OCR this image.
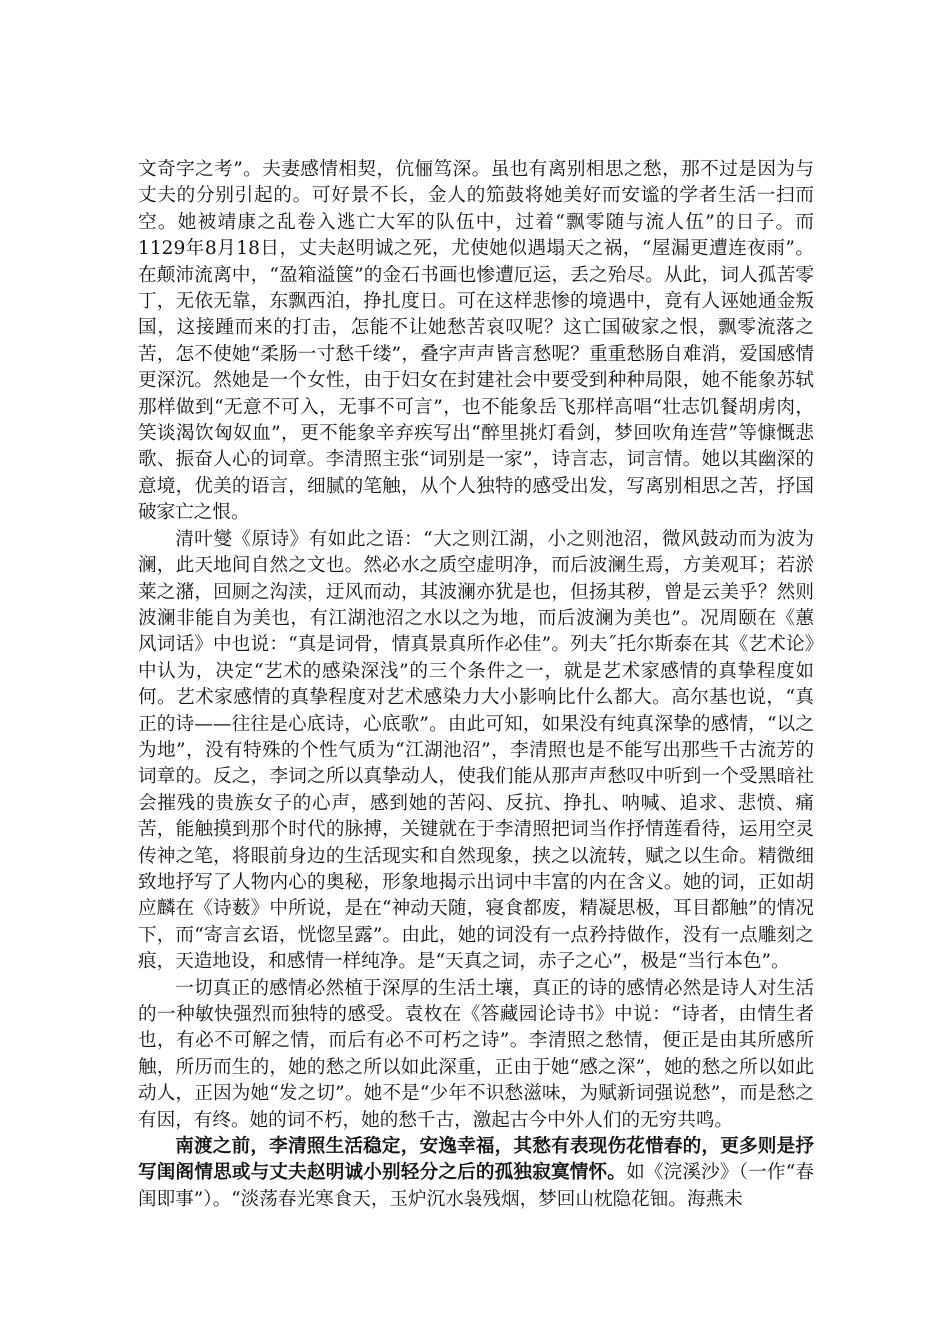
文奇字之考”。夫妻感情相契，伉俪笃深。虽也有离别相思之愁，那不过是因为与丈夫的分别引起的。可好景不长，金人的笳鼓将她美好而安谧的学者生活一扫而空。她被靖康之乱卷入逃亡大军的队伍中，过着“飘零随与流人伍”的日子。而1129年8月18日，丈夫赵明诚之死，尤使她似遇塌天之祸，“屋漏更遭连夜雨”。在颠沛流离中，“盈箱溢箧”的金石书画也惨遭厄运，丢之殆尽。从此，词人孤苦零丁，无依无靠，东飘西泊，挣扎度日。可在这样悲惨的境遇中，竟有人诬她通金叛国，这接踵而来的打击，怎能不让她愁苦哀叹呢？这亡国破家之恨，飘零流落之苦，怎不使她“柔肠一寸愁千缕”，叠字声声皆言愁呢？重重愁肠自难消，爱国感情更深沉。然她是一个女性，由于妇女在封建社会中要受到种种局限，她不能象苏轼那样做到“无意不可入，无事不可言”，也不能象岳飞那样高唱“壮志饥餐胡虏肉，笑谈渴饮匈奴血”，更不能象辛弃疾写出“醉里挑灯看剑，梦回吹角连营”等慷慨悲歌、振奋人心的词章。李清照主张“词别是一家”，诗言志，词言情。她以其幽深的意境，优美的语言，细腻的笔触，从个人独特的感受出发，写离别相思之苦，抒国破家亡之恨。

清叶燮《原诗》有如此之语：“大之则江湖，小之则池沼，微风鼓动而为波为澜，此天地间自然之文也。然必水之质空虚明净，而后波澜生焉，方美观耳；若淤莱之潴，回厕之沟渎，迂风而动，其波澜亦犹是也，但扬其秽，曾是云美乎？然则波澜非能自为美也，有江湖池沼之水以之为地，而后波澜为美也”。况周颐在《蕙风词话》中也说：“真是词骨，情真景真所作必佳”。列夫˝托尔斯泰在其《艺术论》中认为，决定“艺术的感染深浅”的三个条件之一，就是艺术家感情的真挚程度如何。艺术家感情的真挚程度对艺术感染力大小影响比什么都大。高尔基也说，“真正的诗——往往是心底诗，心底歌”。由此可知，如果没有纯真深挚的感情，“以之为地”，没有特殊的个性气质为“江湖池沼”，李清照也是不能写出那些千古流芳的词章的。反之，李词之所以真挚动人，使我们能从那声声愁叹中听到一个受黑暗社会摧残的贵族女子的心声，感到她的苦闷、反抗、挣扎、呐喊、追求、悲愤、痛苦，能触摸到那个时代的脉搏，关键就在于李清照把词当作抒情莲看待，运用空灵传神之笔，将眼前身边的生活现实和自然现象，挟之以流转，赋之以生命。精微细致地抒写了人物内心的奥秘，形象地揭示出词中丰富的内在含义。她的词，正如胡应麟在《诗薮》中所说，是在“神动天随，寝食都废，精凝思极，耳目都触”的情况下，而“寄言玄语，恍惚呈露”。由此，她的词没有一点矜持做作，没有一点雕刻之痕，天造地设，和感情一样纯净。是“天真之词，赤子之心”，极是“当行本色”。

一切真正的感情必然植于深厚的生活土壤，真正的诗的感情必然是诗人对生活的一种敏快强烈而独特的感受。袁枚在《答藏园论诗书》中说：“诗者，由情生者也，有必不可解之情，而后有必不可朽之诗”。李清照之愁情，便正是由其所感所触，所历而生的，她的愁之所以如此深重，正由于她“感之深”，她的愁之所以如此动人，正因为她“发之切”。她不是“少年不识愁滋味，为赋新词强说愁”，而是愁之有因，有终。她的词不朽，她的愁千古，激起古今中外人们的无穷共鸣。

南渡之前，李清照生活稳定，安逸幸福，其愁有表现伤花惜春的，更多则是抒写闺阁情思或与丈夫赵明诚小别轻分之后的孤独寂寞情怀。如《浣溪沙》（一作“春闺即事”）。“淡荡春光寒食天，玉炉沉水袅残烟，梦回山枕隐花钿。海燕未
